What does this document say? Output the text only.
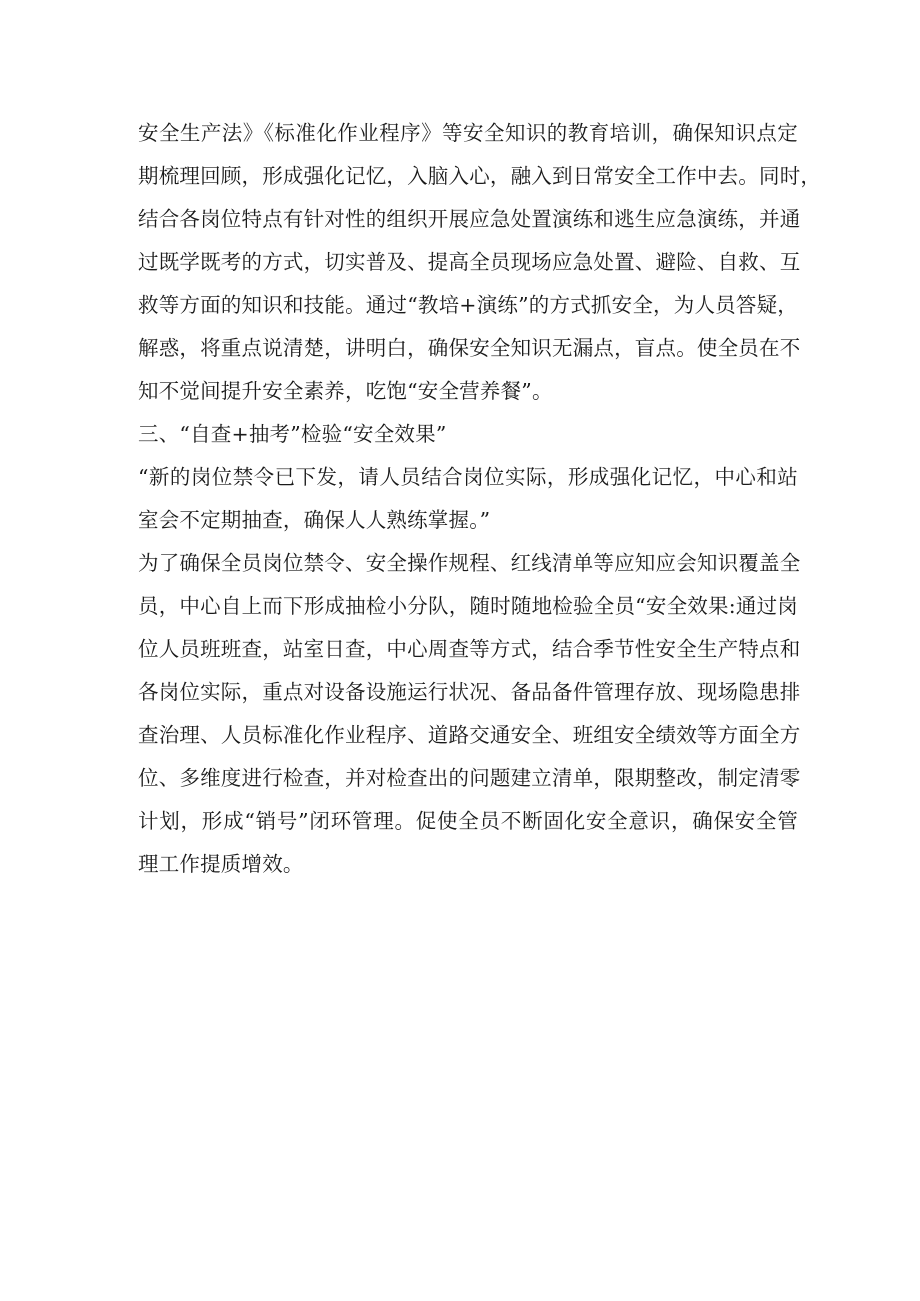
安全生产法》《标准化作业程序》等安全知识的教育培训，确保知识点定
期梳理回顾，形成强化记忆，入脑入心，融入到日常安全工作中去。同时，
结合各岗位特点有针对性的组织开展应急处置演练和逃生应急演练，并通
过既学既考的方式，切实普及、提高全员现场应急处置、避险、自救、互
救等方面的知识和技能。通过“教培+演练”的方式抓安全，为人员答疑，
解惑，将重点说清楚，讲明白，确保安全知识无漏点，盲点。使全员在不
知不觉间提升安全素养，吃饱“安全营养餐”。
三、“自查+抽考”检验“安全效果”
“新的岗位禁令已下发，请人员结合岗位实际，形成强化记忆，中心和站
室会不定期抽查，确保人人熟练掌握。”
为了确保全员岗位禁令、安全操作规程、红线清单等应知应会知识覆盖全
员，中心自上而下形成抽检小分队，随时随地检验全员“安全效果:通过岗
位人员班班查，站室日查，中心周查等方式，结合季节性安全生产特点和
各岗位实际，重点对设备设施运行状况、备品备件管理存放、现场隐患排
查治理、人员标准化作业程序、道路交通安全、班组安全绩效等方面全方
位、多维度进行检查，并对检查出的问题建立清单，限期整改，制定清零
计划，形成“销号”闭环管理。促使全员不断固化安全意识，确保安全管
理工作提质增效。
